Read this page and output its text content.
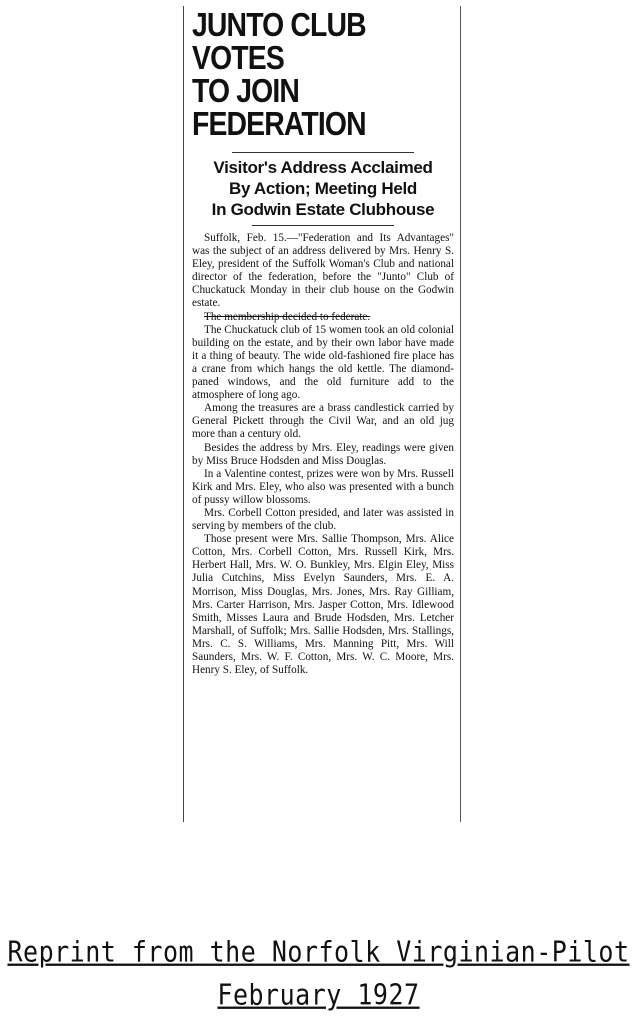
JUNTO CLUB VOTES
TO JOIN FEDERATION
Visitor's Address Acclaimed
By Action; Meeting Held
In Godwin Estate Clubhouse

Suffolk, Feb. 15.—"Federation and Its Advantages" was the subject of an address delivered by Mrs. Henry S. Eley, president of the Suffolk Woman's Club and national director of the federation, before the "Junto" Club of Chuckatuck Monday in their club house on the Godwin estate.

The membership decided to federate.

The Chuckatuck club of 15 women took an old colonial building on the estate, and by their own labor have made it a thing of beauty. The wide old-fashioned fire place has a crane from which hangs the old kettle. The diamond-paned windows, and the old furniture add to the atmosphere of long ago.

Among the treasures are a brass candlestick carried by General Pickett through the Civil War, and an old jug more than a century old.

Besides the address by Mrs. Eley, readings were given by Miss Bruce Hodsden and Miss Douglas.

In a Valentine contest, prizes were won by Mrs. Russell Kirk and Mrs. Eley, who also was presented with a bunch of pussy willow blossoms.

Mrs. Corbell Cotton presided, and later was assisted in serving by members of the club.

Those present were Mrs. Sallie Thompson, Mrs. Alice Cotton, Mrs. Corbell Cotton, Mrs. Russell Kirk, Mrs. Herbert Hall, Mrs. W. O. Bunkley, Mrs. Elgin Eley, Miss Julia Cutchins, Miss Evelyn Saunders, Mrs. E. A. Morrison, Miss Douglas, Mrs. Jones, Mrs. Ray Gilliam, Mrs. Carter Harrison, Mrs. Jasper Cotton, Mrs. Idlewood Smith, Misses Laura and Brude Hodsden, Mrs. Letcher Marshall, of Suffolk; Mrs. Sallie Hodsden, Mrs. Stallings, Mrs. C. S. Williams, Mrs. Manning Pitt, Mrs. Will Saunders, Mrs. W. F. Cotton, Mrs. W. C. Moore, Mrs. Henry S. Eley, of Suffolk.

Reprint from the Norfolk Virginian-Pilot
February 1927
